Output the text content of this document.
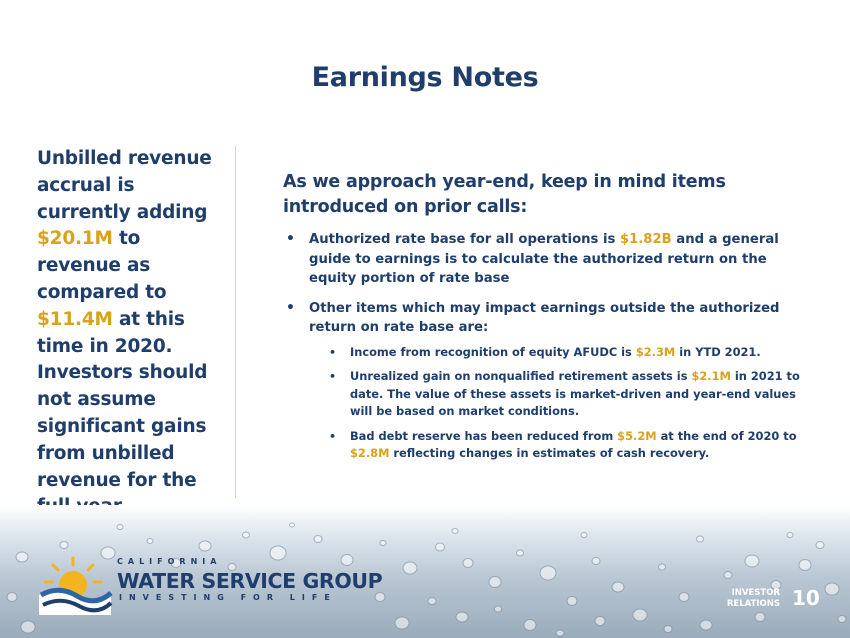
Earnings Notes
Unbilled revenue accrual is currently adding $20.1M to revenue as compared to $11.4M at this time in 2020. Investors should not assume significant gains from unbilled revenue for the

As we approach year-end, keep in mind items introduced on prior calls:

• Authorized rate base for all operations is $1.82B and a general guide to earnings is to calculate the authorized return on the equity portion of rate base
• Other items which may impact earnings outside the authorized return on rate base are:
• Income from recognition of equity AFUDC is $2.3M in YTD 2021.
• Unrealized gain on nonqualified retirement assets is $2.1M in 2021 to date. The value of these assets is market-driven and year-end values will be based on market conditions.
• Bad debt reserve has been reduced from $5.2M at the end of 2020 to $2.8M reflecting changes in estimates of cash recovery.
CALIFORNIA
WATER SERVICE GROUP
INVESTING FOR LIFE	INVESTOR
RELATIONS 10
